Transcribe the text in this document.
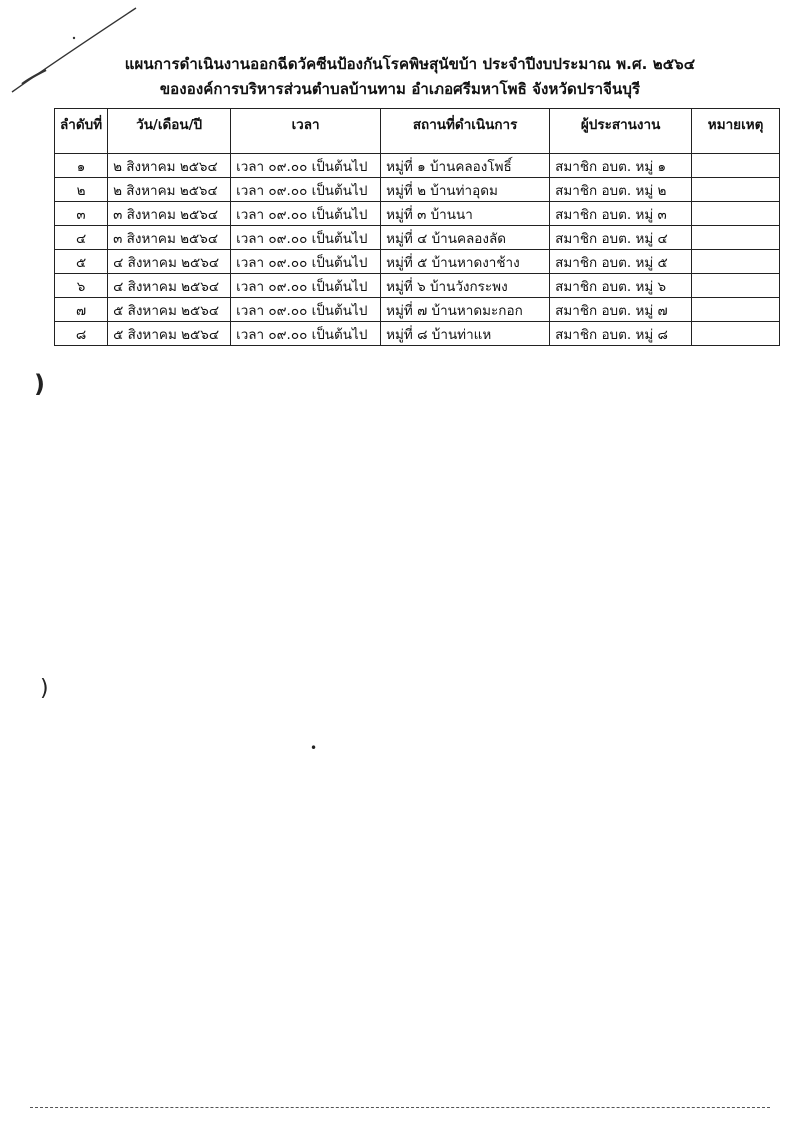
แผนการดำเนินงานออกฉีดวัคซีนป้องกันโรคพิษสุนัขบ้า ประจำปีงบประมาณ พ.ศ. ๒๕๖๔
ขององค์การบริหารส่วนตำบลบ้านทาม อำเภอศรีมหาโพธิ จังหวัดปราจีนบุรี
ลำดับที่	วัน/เดือน/ปี	เวลา	สถานที่ดำเนินการ	ผู้ประสานงาน	หมายเหตุ
๑	๒ สิงหาคม ๒๕๖๔	เวลา ๐๙.๐๐ เป็นต้นไป	หมู่ที่ ๑ บ้านคลองโพธิ์	สมาชิก อบต. หมู่ ๑	
๒	๒ สิงหาคม ๒๕๖๔	เวลา ๐๙.๐๐ เป็นต้นไป	หมู่ที่ ๒ บ้านท่าอุดม	สมาชิก อบต. หมู่ ๒	
๓	๓ สิงหาคม ๒๕๖๔	เวลา ๐๙.๐๐ เป็นต้นไป	หมู่ที่ ๓ บ้านนา	สมาชิก อบต. หมู่ ๓	
๔	๓ สิงหาคม ๒๕๖๔	เวลา ๐๙.๐๐ เป็นต้นไป	หมู่ที่ ๔ บ้านคลองลัด	สมาชิก อบต. หมู่ ๔	
๕	๔ สิงหาคม ๒๕๖๔	เวลา ๐๙.๐๐ เป็นต้นไป	หมู่ที่ ๕ บ้านหาดงาช้าง	สมาชิก อบต. หมู่ ๕	
๖	๔ สิงหาคม ๒๕๖๔	เวลา ๐๙.๐๐ เป็นต้นไป	หมู่ที่ ๖ บ้านวังกระพง	สมาชิก อบต. หมู่ ๖	
๗	๕ สิงหาคม ๒๕๖๔	เวลา ๐๙.๐๐ เป็นต้นไป	หมู่ที่ ๗ บ้านหาดมะกอก	สมาชิก อบต. หมู่ ๗	
๘	๕ สิงหาคม ๒๕๖๔	เวลา ๐๙.๐๐ เป็นต้นไป	หมู่ที่ ๘ บ้านท่าแห	สมาชิก อบต. หมู่ ๘	
)
)
•
